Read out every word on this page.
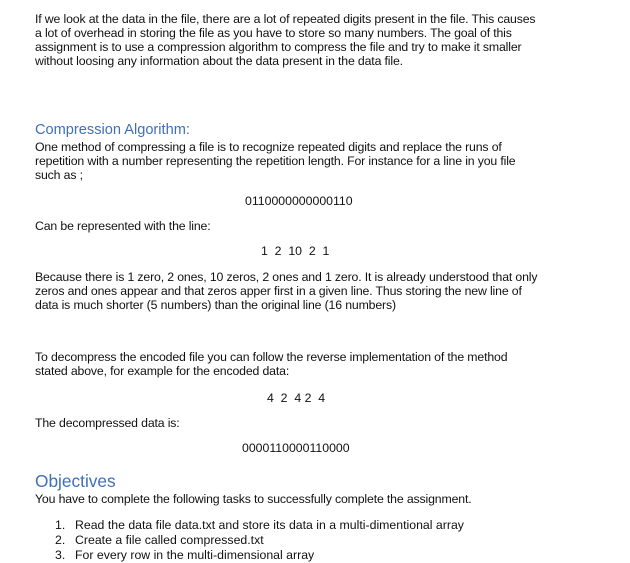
If we look at the data in the file, there are a lot of repeated digits present in the file. This causes

a lot of overhead in storing the file as you have to store so many numbers. The goal of this

assignment is to use a compression algorithm to compress the file and try to make it smaller

without loosing any information about the data present in the data file.

Compression Algorithm:

One method of compressing a file is to recognize repeated digits and replace the runs of

repetition with a number representing the repetition length. For instance for a line in you file

such as ;

0110000000000110

Can be represented with the line:

1  2  10  2  1

Because there is 1 zero, 2 ones, 10 zeros, 2 ones and 1 zero. It is already understood that only

zeros and ones appear and that zeros apper first in a given line. Thus storing the new line of

data is much shorter (5 numbers) than the original line (16 numbers)

To decompress the encoded file you can follow the reverse implementation of the method

stated above, for example for the encoded data:

4  2  4 2  4

The decompressed data is:

0000110000110000

Objectives

You have to complete the following tasks to successfully complete the assignment.

1. Read the data file data.txt and store its data in a multi-dimentional array
2. Create a file called compressed.txt
3. For every row in the multi-dimensional array
